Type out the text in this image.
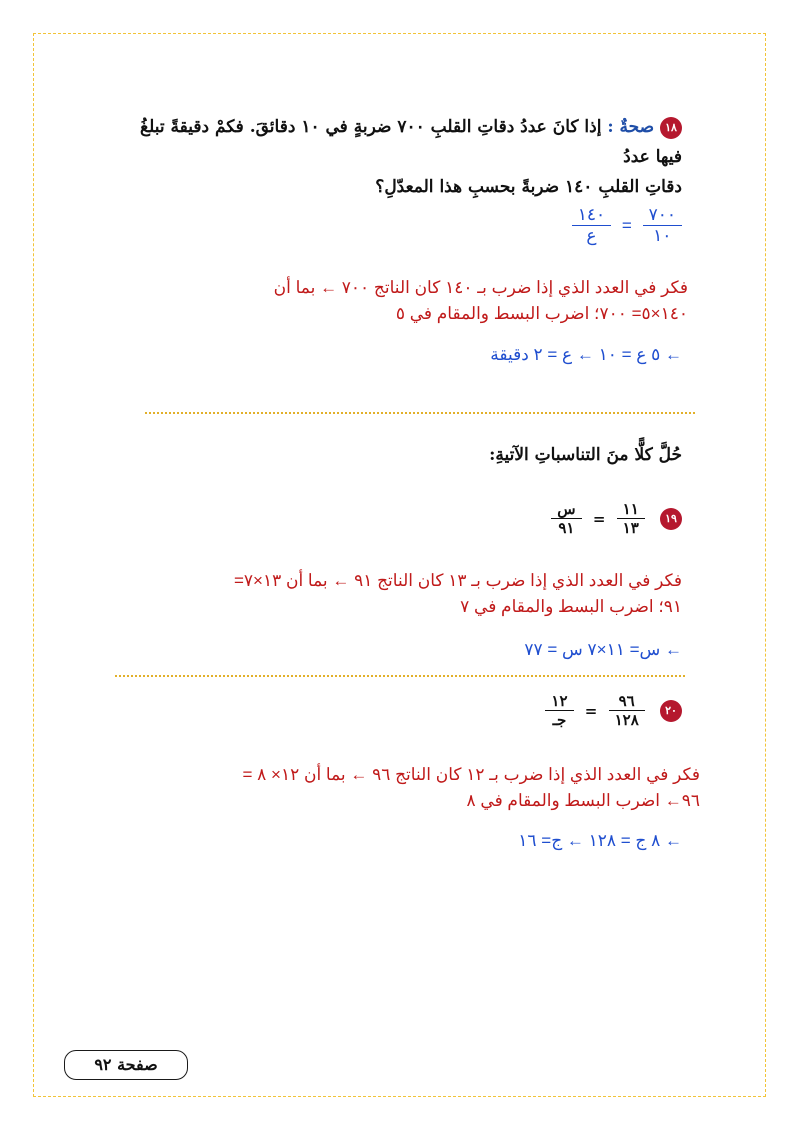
١٨ صحةٌ : إذا كانَ عددُ دقاتِ القلبِ ٧٠٠ ضربةٍ في ١٠ دقائقَ. فكمْ دقيقةً تبلغُ فيها عددُ
دقاتِ القلبِ ١٤٠ ضربةً بحسبِ هذا المعدّلِ؟
$\frac{٧٠٠}{١٠}$
=
$\frac{١٤٠}{\text{ع}}$
فكر في العدد الذي إذا ضرب بـ ١٤٠ كان الناتج ٧٠٠ ← بما أن
١٤٠×٥= ٧٠٠؛ اضرب البسط والمقام في ٥
← ٥ ع = ١٠ ← ع = ٢ دقيقة
حُلَّ كلًّا منَ التناسباتِ الآتيةِ:
١٩
$\frac{١١}{١٣}$
=
$\frac{\text{س}}{٩١}$
فكر في العدد الذي إذا ضرب بـ ١٣ كان الناتج ٩١ ← بما أن ١٣×٧=
٩١؛ اضرب البسط والمقام في ٧
← س= ١١×٧ س = ٧٧
٢٠
$\frac{٩٦}{١٢٨}$
=
$\frac{١٢}{\text{جـ}}$
فكر في العدد الذي إذا ضرب بـ ١٢ كان الناتج ٩٦ ← بما أن ١٢× ٨ =
٩٦← اضرب البسط والمقام في ٨
← ٨ ج = ١٢٨ ← ج= ١٦
صفحة ٩٢
